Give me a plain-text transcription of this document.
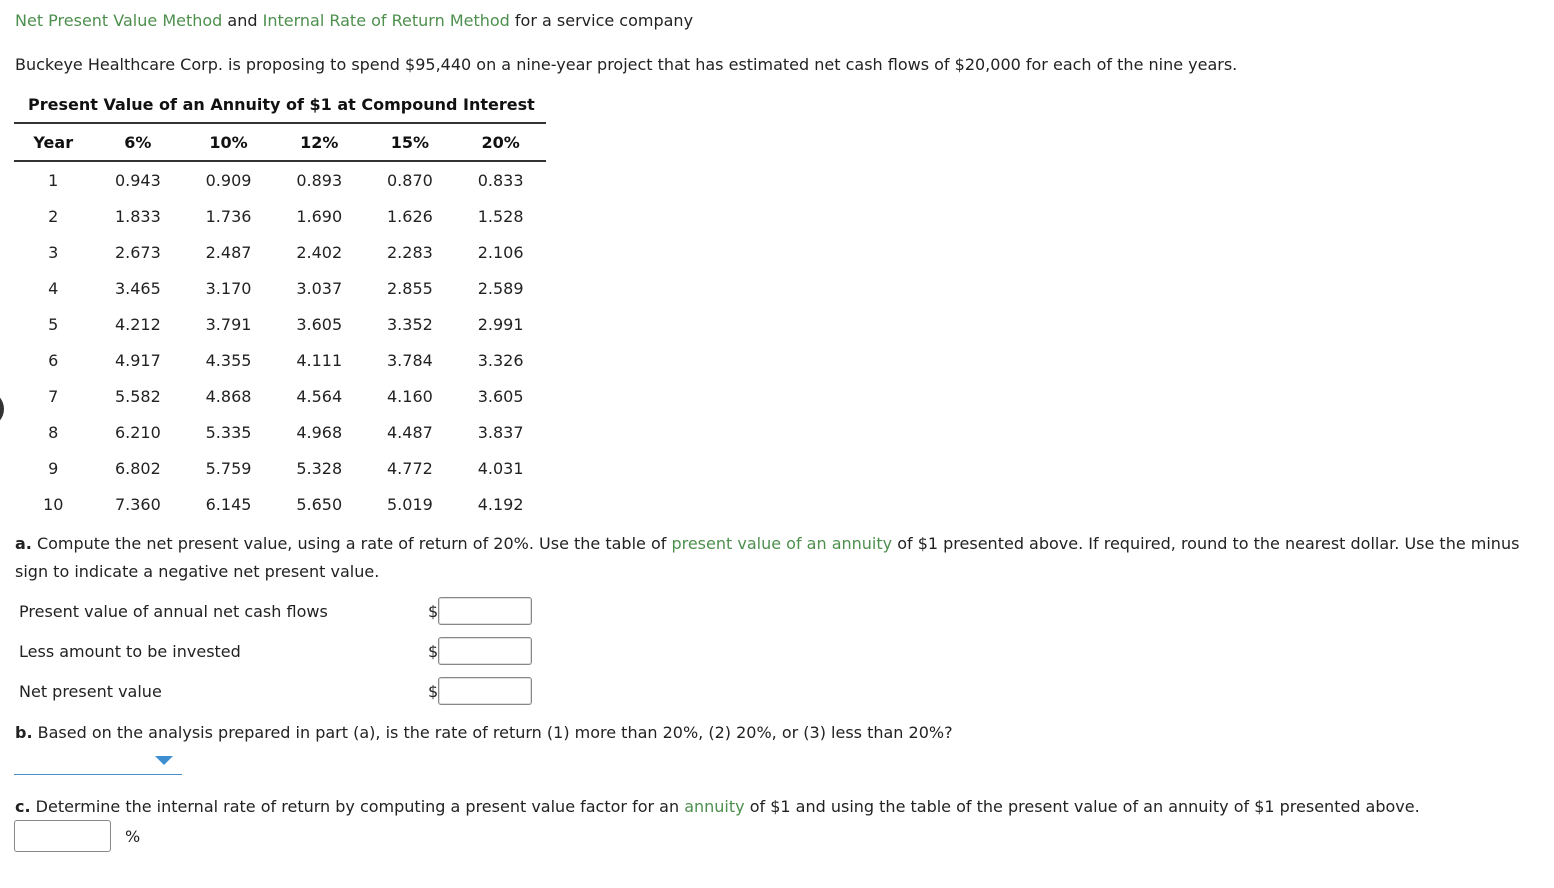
Net Present Value Method and Internal Rate of Return Method for a service company
Buckeye Healthcare Corp. is proposing to spend $95,440 on a nine-year project that has estimated net cash flows of $20,000 for each of the nine years.
Present Value of an Annuity of $1 at Compound Interest
Year	6%	10%	12%	15%	20%
1	0.943	0.909	0.893	0.870	0.833
2	1.833	1.736	1.690	1.626	1.528
3	2.673	2.487	2.402	2.283	2.106
4	3.465	3.170	3.037	2.855	2.589
5	4.212	3.791	3.605	3.352	2.991
6	4.917	4.355	4.111	3.784	3.326
7	5.582	4.868	4.564	4.160	3.605
8	6.210	5.335	4.968	4.487	3.837
9	6.802	5.759	5.328	4.772	4.031
10	7.360	6.145	5.650	5.019	4.192
a. Compute the net present value, using a rate of return of 20%. Use the table of present value of an annuity of $1 presented above. If required, round to the nearest dollar. Use the minus sign to indicate a negative net present value.
Present value of annual net cash flows	$
Less amount to be invested	$
Net present value	$
b. Based on the analysis prepared in part (a), is the rate of return (1) more than 20%, (2) 20%, or (3) less than 20%?
c. Determine the internal rate of return by computing a present value factor for an annuity of $1 and using the table of the present value of an annuity of $1 presented above.
%
